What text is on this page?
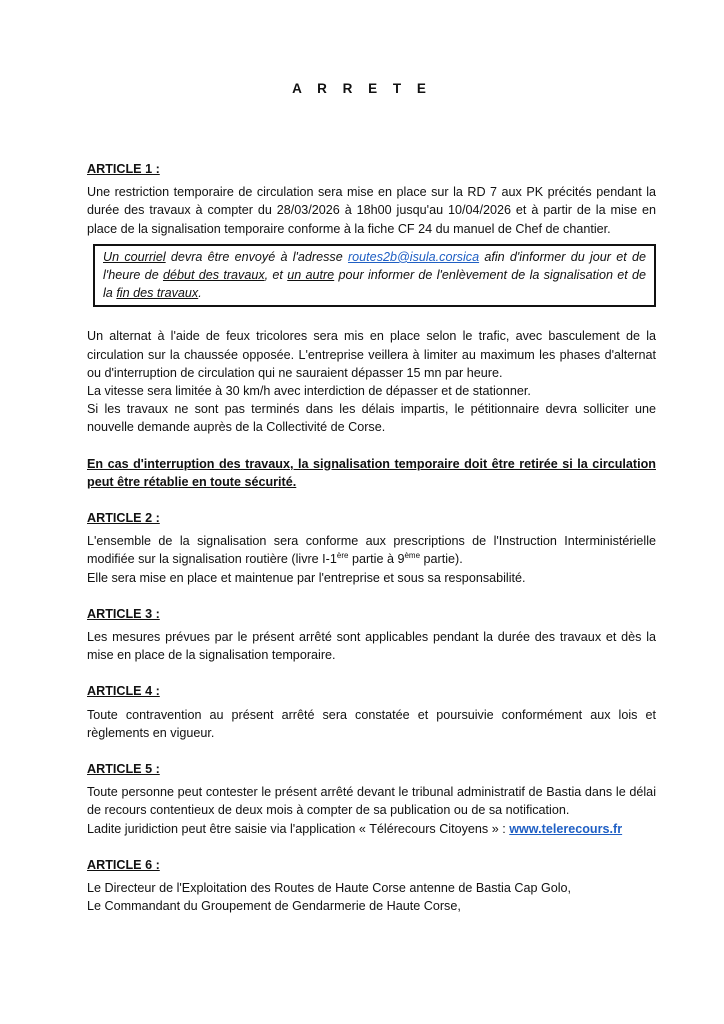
A R R E T E
ARTICLE 1 :

Une restriction temporaire de circulation sera mise en place sur la RD 7 aux PK précités pendant la durée des travaux à compter du 28/03/2026 à 18h00 jusqu'au 10/04/2026 et à partir de la mise en place de la signalisation temporaire conforme à la fiche CF 24 du manuel de Chef de chantier.

Un courriel devra être envoyé à l'adresse routes2b@isula.corsica afin d'informer du jour et de l'heure de début des travaux, et un autre pour informer de l'enlèvement de la signalisation et de la fin des travaux.

Un alternat à l'aide de feux tricolores sera mis en place selon le trafic, avec basculement de la circulation sur la chaussée opposée. L'entreprise veillera à limiter au maximum les phases d'alternat ou d'interruption de circulation qui ne sauraient dépasser 15 mn par heure.

La vitesse sera limitée à 30 km/h avec interdiction de dépasser et de stationner.

Si les travaux ne sont pas terminés dans les délais impartis, le pétitionnaire devra solliciter une nouvelle demande auprès de la Collectivité de Corse.

En cas d'interruption des travaux, la signalisation temporaire doit être retirée si la circulation peut être rétablie en toute sécurité.

ARTICLE 2 :

L'ensemble de la signalisation sera conforme aux prescriptions de l'Instruction Interministérielle modifiée sur la signalisation routière (livre I-1ère partie à 9ème partie).

Elle sera mise en place et maintenue par l'entreprise et sous sa responsabilité.

ARTICLE 3 :

Les mesures prévues par le présent arrêté sont applicables pendant la durée des travaux et dès la mise en place de la signalisation temporaire.

ARTICLE 4 :

Toute contravention au présent arrêté sera constatée et poursuivie conformément aux lois et règlements en vigueur.

ARTICLE 5 :

Toute personne peut contester le présent arrêté devant le tribunal administratif de Bastia dans le délai de recours contentieux de deux mois à compter de sa publication ou de sa notification.

Ladite juridiction peut être saisie via l'application « Télérecours Citoyens » : www.telerecours.fr

ARTICLE 6 :

Le Directeur de l'Exploitation des Routes de Haute Corse antenne de Bastia Cap Golo,

Le Commandant du Groupement de Gendarmerie de Haute Corse,
